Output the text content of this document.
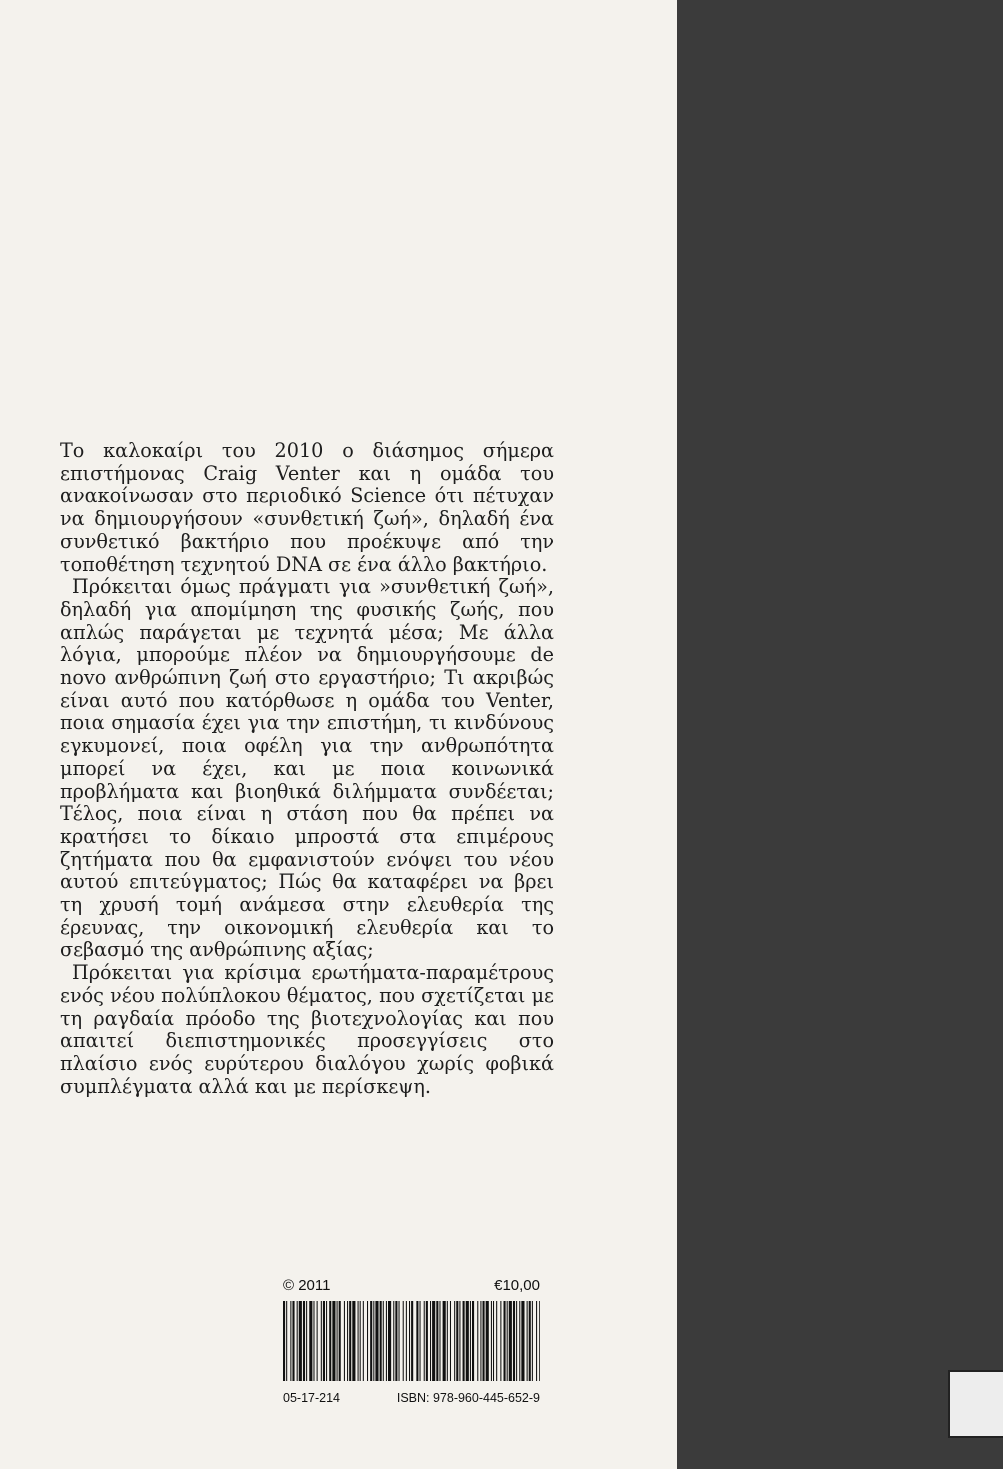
Το καλοκαίρι του 2010 ο διάσημος σήμερα επιστήμονας Craig Venter και η ομάδα του ανακοίνωσαν στο περιοδικό Science ότι πέτυχαν να δημιουργήσουν «συνθετική ζωή», δηλαδή ένα συνθετικό βακτήριο που προέκυψε από την τοποθέτηση τεχνητού DNA σε ένα άλλο βακτήριο.

Πρόκειται όμως πράγματι για »συνθετική ζωή», δηλαδή για απομίμηση της φυσικής ζωής, που απλώς παράγεται με τεχνητά μέσα; Με άλλα λόγια, μπορούμε πλέον να δημιουργήσουμε de novo ανθρώπινη ζωή στο εργαστήριο; Τι ακριβώς είναι αυτό που κατόρθωσε η ομάδα του Venter, ποια σημασία έχει για την επιστήμη, τι κινδύνους εγκυμονεί, ποια οφέλη για την ανθρωπότητα μπορεί να έχει, και με ποια κοινωνικά προβλήματα και βιοηθικά διλήμματα συνδέεται; Τέλος, ποια είναι η στάση που θα πρέπει να κρατήσει το δίκαιο μπροστά στα επιμέρους ζητήματα που θα εμφανιστούν ενόψει του νέου αυτού επιτεύγματος; Πώς θα καταφέρει να βρει τη χρυσή τομή ανάμεσα στην ελευθερία της έρευνας, την οικονομική ελευθερία και το σεβασμό της ανθρώπινης αξίας;

Πρόκειται για κρίσιμα ερωτήματα-παραμέτρους ενός νέου πολύπλοκου θέματος, που σχετίζεται με τη ραγδαία πρόοδο της βιοτεχνολογίας και που απαιτεί διεπιστημονικές προσεγγίσεις στο πλαίσιο ενός ευρύτερου διαλόγου χωρίς φοβικά συμπλέγματα αλλά και με περίσκεψη.

© 2011	€10,00
05-17-214	ISBN: 978-960-445-652-9
